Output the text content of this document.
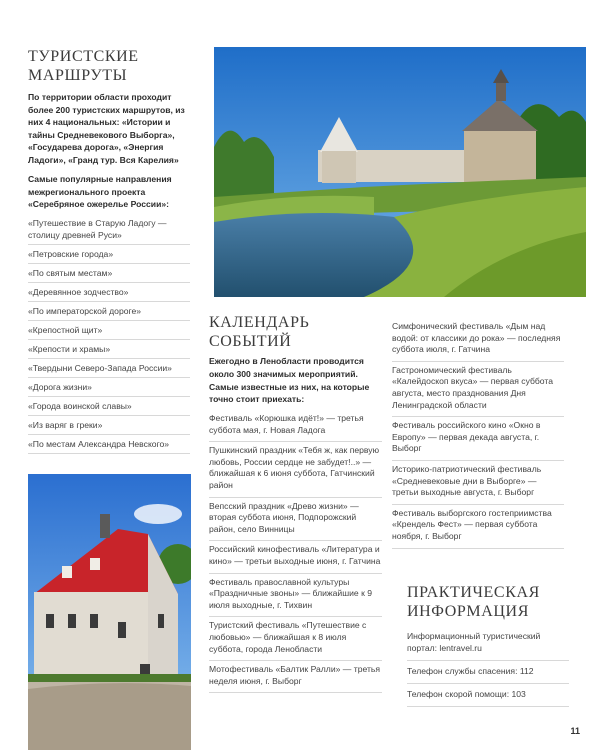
ТУРИСТСКИЕ
МАРШРУТЫ
По территории области проходит более 200 туристских маршрутов, из них 4 национальных: «Истории и тайны Средневекового Выборга», «Государева дорога», «Энергия Ладоги», «Гранд тур. Вся Карелия»
Самые популярные направления межрегионального проекта «Серебряное ожерелье России»:
«Путешествие в Старую Ладогу — столицу древней Руси»
«Петровские города»
«По святым местам»
«Деревянное зодчество»
«По императорской дороге»
«Крепостной щит»
«Крепости и храмы»
«Твердыни Северо-Запада России»
«Дорога жизни»
«Города воинской славы»
«Из варяг в греки»
«По местам Александра Невского»
КАЛЕНДАРЬ
СОБЫТИЙ
Ежегодно в Ленобласти проводится около 300 значимых мероприятий. Самые известные из них, на которые точно стоит приехать:
Фестиваль «Корюшка идёт!» — третья суббота мая, г. Новая Ладога
Пушкинский праздник «Тебя ж, как первую любовь, России сердце не забудет!..» — ближайшая к 6 июня суббота, Гатчинский район
Вепсский праздник «Древо жизни» — вторая суббота июня, Подпорожский район, село Винницы
Российский кинофестиваль «Литература и кино» — третьи выходные июня, г. Гатчина
Фестиваль православной культуры «Праздничные звоны» — ближайшие к 9 июля выходные, г. Тихвин
Туристский фестиваль «Путешествие с любовью» — ближайшая к 8 июля суббота, города Ленобласти
Мотофестиваль «Балтик Ралли» — третья неделя июня, г. Выборг
Симфонический фестиваль «Дым над водой: от классики до рока» — последняя суббота июля, г. Гатчина
Гастрономический фестиваль «Калейдоскоп вкуса» — первая суббота августа, место празднования Дня Ленинградской области
Фестиваль российского кино «Окно в Европу» — первая декада августа, г. Выборг
Историко-патриотический фестиваль «Средневековые дни в Выборге» — третьи выходные августа, г. Выборг
Фестиваль выборгского гостеприимства «Крендель Фест» — первая суббота ноября, г. Выборг
ПРАКТИЧЕСКАЯ
ИНФОРМАЦИЯ
Информационный туристический портал: lentravel.ru
Телефон службы спасения: 112
Телефон скорой помощи: 103
11
